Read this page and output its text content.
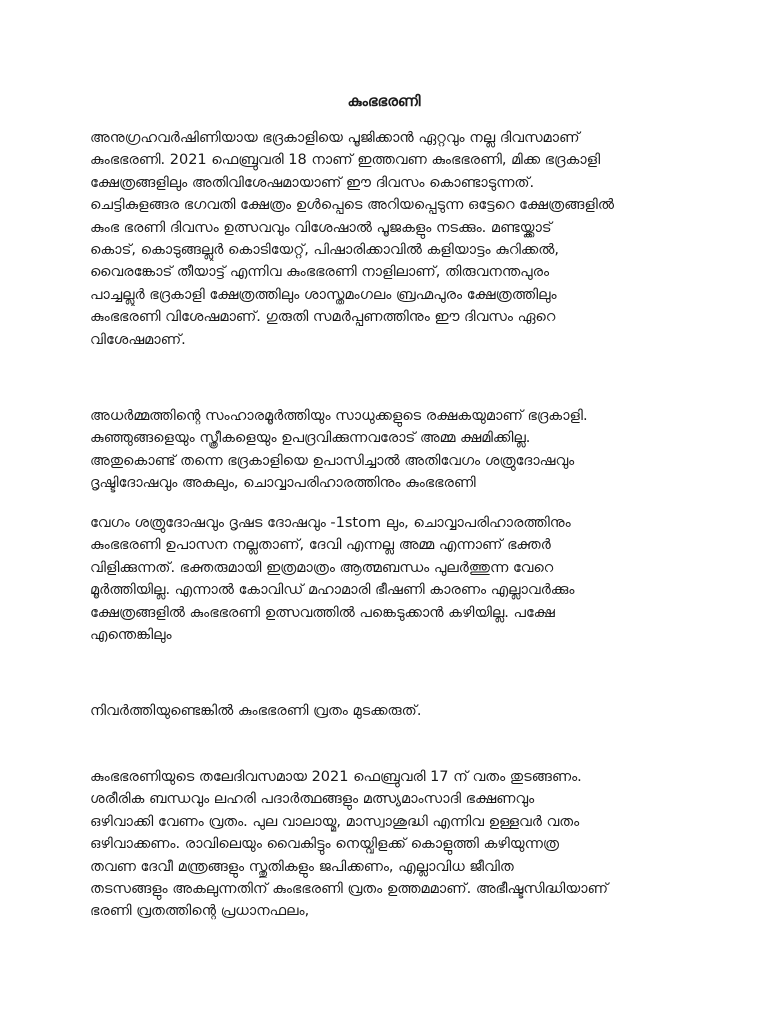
കുംഭഭരണി
അനുഗ്രഹവർഷിണിയായ ഭദ്രകാളിയെ പൂജിക്കാൻ ഏറ്റവും നല്ല ദിവസമാണ്
കുംഭഭരണി. 2021 ഫെബ്രുവരി 18 നാണ് ഇത്തവണ കുംഭഭരണി, മിക്ക ഭദ്രകാളി
ക്ഷേത്രങ്ങളിലും അതിവിശേഷമായാണ് ഈ ദിവസം കൊണ്ടാടുന്നത്.
ചെട്ടികുളങ്ങര ഭഗവതി ക്ഷേത്രം ഉൾപ്പെടെ അറിയപ്പെടുന്ന ഒട്ടേറെ ക്ഷേത്രങ്ങളിൽ
കുംഭ ഭരണി ദിവസം ഉത്സവവും വിശേഷാൽ പൂജകളും നടക്കും. മണ്ടയ്ക്കാട്
കൊട്, കൊടുങ്ങല്ലൂർ കൊടിയേറ്റ്, പിഷാരിക്കാവിൽ കളിയാട്ടം കുറിക്കൽ,
വൈരങ്കോട് തീയാട്ട് എന്നിവ കുംഭഭരണി നാളിലാണ്, തിരുവനന്തപുരം
പാച്ചല്ലൂർ ഭദ്രകാളി ക്ഷേത്രത്തിലും ശാസ്തമംഗലം ബ്രഹ്മപുരം ക്ഷേത്രത്തിലും
കുംഭഭരണി വിശേഷമാണ്. ഗുരുതി സമർപ്പണത്തിനും ഈ ദിവസം ഏറെ
വിശേഷമാണ്.
അധർമ്മത്തിന്റെ സംഹാരമൂർത്തിയും സാധുക്കളുടെ രക്ഷകയുമാണ് ഭദ്രകാളി.
കുഞ്ഞുങ്ങളെയും സ്ത്രീകളെയും ഉപദ്രവിക്കുന്നവരോട് അമ്മ ക്ഷമിക്കില്ല.
അതുകൊണ്ട് തന്നെ ഭദ്രകാളിയെ ഉപാസിച്ചാൽ അതിവേഗം ശത്രുദോഷവും
ദൃഷ്ടിദോഷവും അകലും, ചൊവ്വാപരിഹാരത്തിനും കുംഭഭരണി
വേഗം ശത്രുദോഷവും ദൃഷട ദോഷവും -1stom ലും, ചൊവ്വാപരിഹാരത്തിനും
കുംഭഭരണി ഉപാസന നല്ലതാണ്, ദേവി എന്നല്ല അമ്മ എന്നാണ് ഭക്തർ
വിളിക്കുന്നത്. ഭക്തരുമായി ഇത്രമാത്രം ആത്മബന്ധം പുലർത്തുന്ന വേറെ
മൂർത്തിയില്ല. എന്നാൽ കോവിഡ് മഹാമാരി ഭീഷണി കാരണം എല്ലാവർക്കും
ക്ഷേത്രങ്ങളിൽ കുംഭഭരണി ഉത്സവത്തിൽ പങ്കെടുക്കാൻ കഴിയില്ല. പക്ഷേ
എന്തെങ്കിലും
നിവർത്തിയുണ്ടെങ്കിൽ കുംഭഭരണി വ്രതം മുടക്കരുത്.
കുംഭഭരണിയുടെ തലേദിവസമായ 2021 ഫെബ്രുവരി 17 ന് വതം തുടങ്ങണം.
ശരീരിക ബന്ധവും ലഹരി പദാർത്ഥങ്ങളും മത്സ്യമാംസാദി ഭക്ഷണവും
ഒഴിവാക്കി വേണം വ്രതം. പുല വാലായ്മ, മാസ്വാശുദ്ധി എന്നിവ ഉള്ളവർ വതം
ഒഴിവാക്കണം. രാവിലെയും വൈകിട്ടും നെയ്വിളക്ക് കൊളുത്തി കഴിയുന്നത്ര
തവണ ദേവീ മന്ത്രങ്ങളും സ്തുതികളും ജപിക്കണം, എല്ലാവിധ ജീവിത
തടസങ്ങളും അകലുന്നതിന് കുംഭഭരണി വ്രതം ഉത്തമമാണ്. അഭീഷ്ടസിദ്ധിയാണ്
ഭരണി വ്രതത്തിന്റെ പ്രധാനഫലം,
